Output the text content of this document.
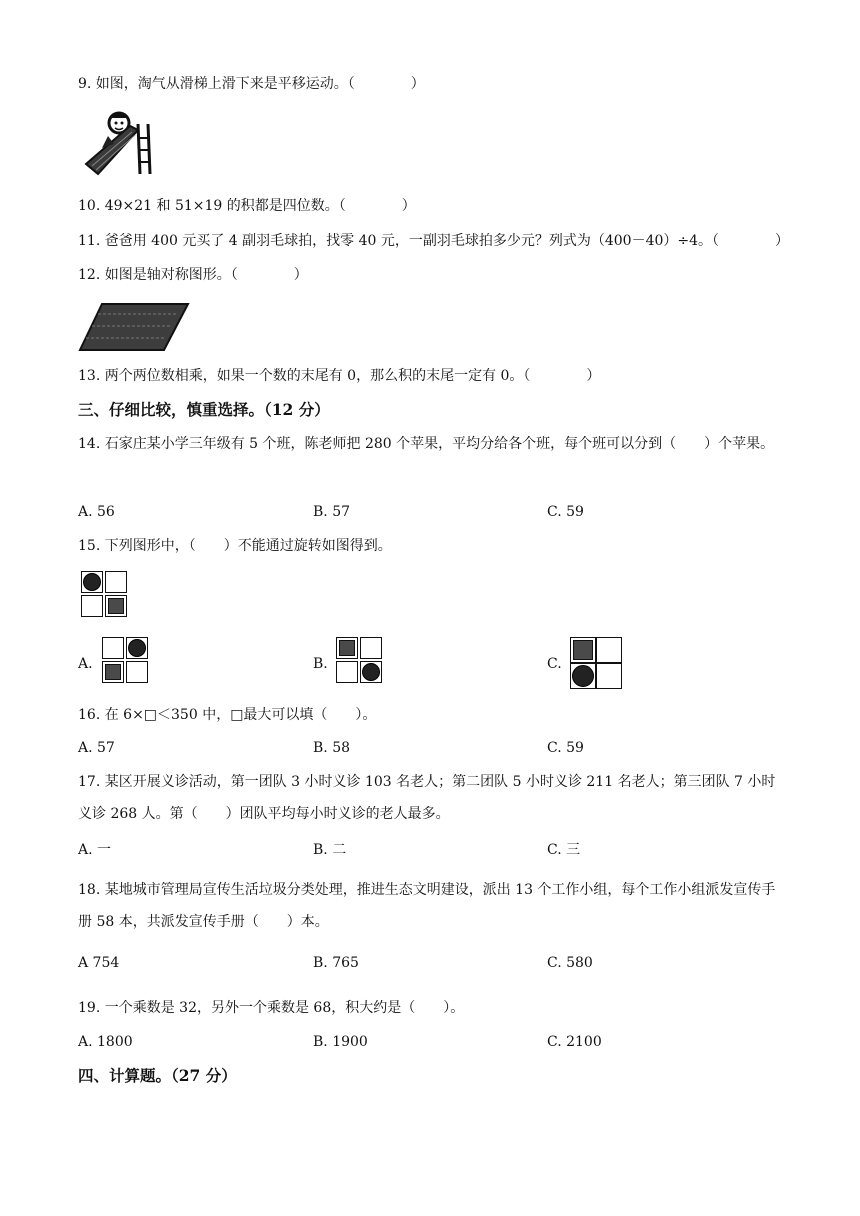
9. 如图，淘气从滑梯上滑下来是平移运动。（　　　　）
10. 49×21 和 51×19 的积都是四位数。（　　　　）
11. 爸爸用 400 元买了 4 副羽毛球拍，找零 40 元，一副羽毛球拍多少元？列式为（400－40）÷4。（　　　　）
12. 如图是轴对称图形。（　　　　）
13. 两个两位数相乘，如果一个数的末尾有 0，那么积的末尾一定有 0。（　　　　）
三、仔细比较，慎重选择。（12 分）
14. 石家庄某小学三年级有 5 个班，陈老师把 280 个苹果，平均分给各个班，每个班可以分到（　　）个苹果。
A. 56	B. 57	C. 59
15. 下列图形中，（　　）不能通过旋转如图得到。
A.	B.	C.
16. 在 6×□＜350 中，□最大可以填（　　）。
A. 57	B. 58	C. 59
17. 某区开展义诊活动，第一团队 3 小时义诊 103 名老人；第二团队 5 小时义诊 211 名老人；第三团队 7 小时义诊 268 人。第（　　）团队平均每小时义诊的老人最多。
A. 一	B. 二	C. 三
18. 某地城市管理局宣传生活垃圾分类处理，推进生态文明建设，派出 13 个工作小组，每个工作小组派发宣传手册 58 本，共派发宣传手册（　　）本。
A 754	B. 765	C. 580
19. 一个乘数是 32，另外一个乘数是 68，积大约是（　　）。
A. 1800	B. 1900	C. 2100
四、计算题。（27 分）
